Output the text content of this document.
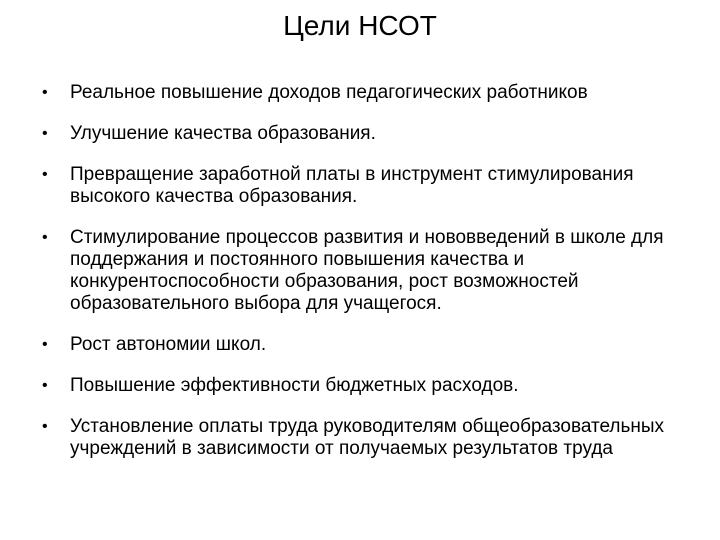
Цели НСОТ
• Реальное повышение доходов педагогических работников
• Улучшение качества образования.
• Превращение заработной платы в инструмент стимулирования высокого качества образования.
• Стимулирование процессов развития и нововведений в школе для поддержания и постоянного повышения качества и конкурентоспособности образования, рост возможностей образовательного выбора для учащегося.
• Рост автономии школ.
• Повышение эффективности бюджетных расходов.
• Установление оплаты труда руководителям общеобразовательных учреждений в зависимости от получаемых результатов труда
